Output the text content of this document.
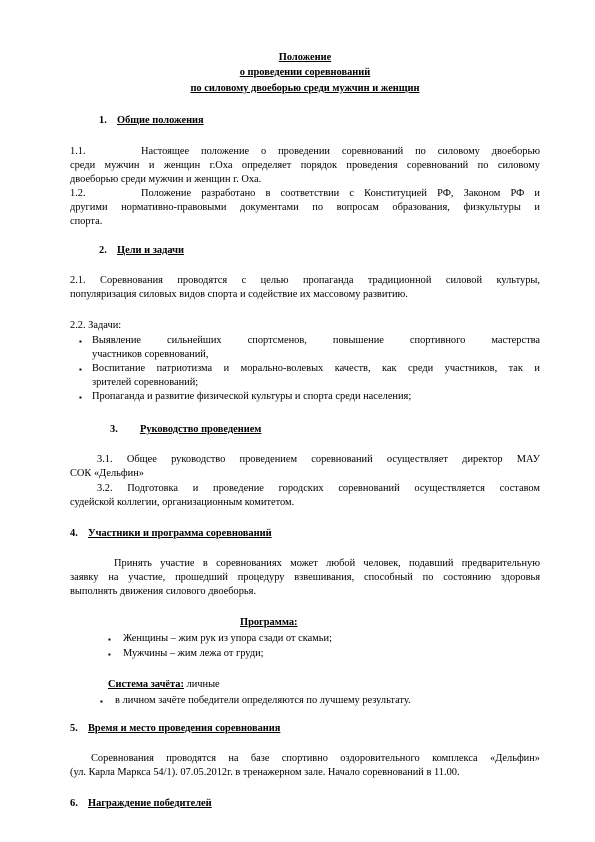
Положение
о проведении соревнований
по силовому двоеборью среди мужчин и женщин
1. Общие положения
1.1.	Настоящее положение о проведении соревнований по силовому двоеборью
среди мужчин и женщин г.Оха определяет порядок проведения соревнований по силовому
двоеборью среди мужчин и женщин г. Оха.
1.2.	Положение разработано в соответствии с Конституцией РФ, Законом РФ и
другими нормативно-правовыми документами по вопросам образования, физкультуры и
спорта.
2. Цели и задачи
2.1. Соревнования проводятся с целью пропаганда традиционной силовой культуры,
популяризация силовых видов спорта и содействие их массовому развитию.
2.2. Задачи:
▪ Выявление сильнейших спортсменов, повышение спортивного мастерства
участников соревнований,
▪ Воспитание патриотизма и морально-волевых качеств, как среди участников, так и
зрителей соревнований;
▪ Пропаганда и развитие физической культуры и спорта среди населения;
3. Руководство проведением
3.1. Общее руководство проведением соревнований осуществляет директор МАУ
СОК «Дельфин»
3.2. Подготовка и проведение городских соревнований осуществляется составом
судейской коллегии, организационным комитетом.
4. Участники и программа соревнований
Принять участие в соревнованиях может любой человек, подавший предварительную
заявку на участие, прошедший процедуру взвешивания, способный по состоянию здоровья
выполнять движения силового двоеборья.
Программа:
▪ Женщины – жим рук из упора сзади от скамьи;
▪ Мужчины – жим лежа от груди;
Система зачёта: личные
▪ в личном зачёте победители определяются по лучшему результату.
5. Время и место проведения соревнования
Соревнования проводятся на базе спортивно оздоровительного комплекса «Дельфин»
(ул. Карла Маркса 54/1). 07.05.2012г. в тренажерном зале. Начало соревнований в 11.00.
6. Награждение победителей
